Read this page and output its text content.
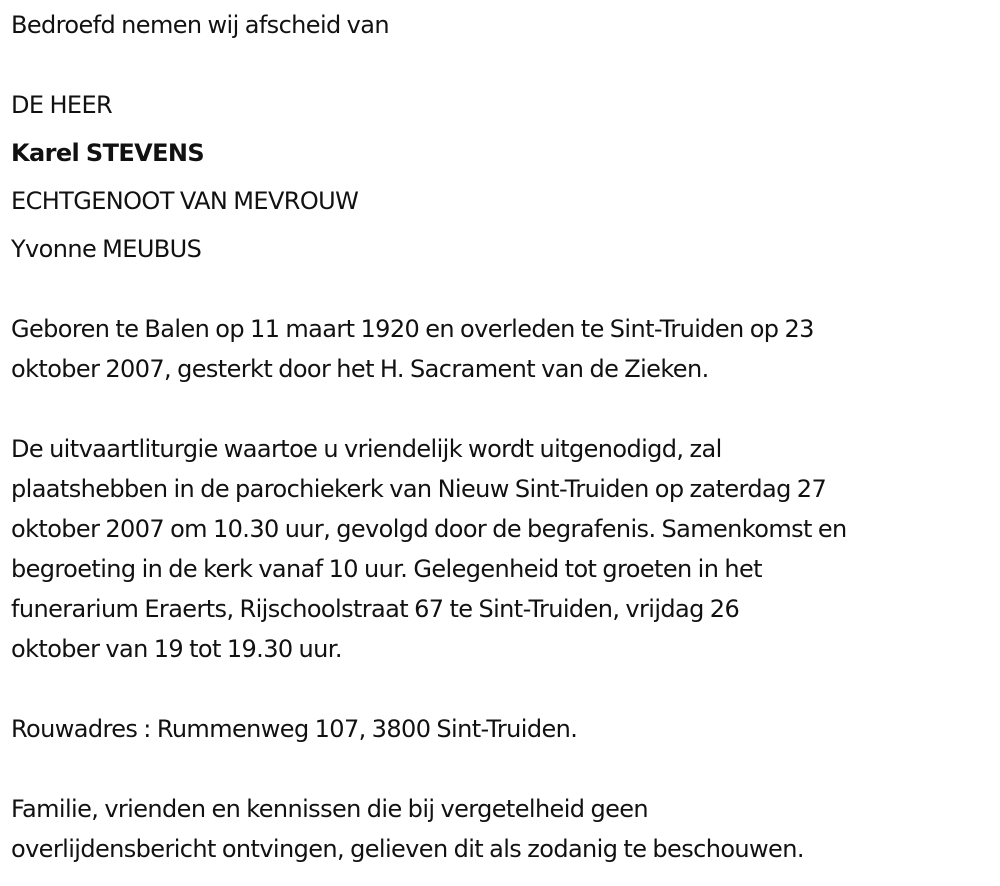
Bedroefd nemen wij afscheid van
DE HEER
Karel STEVENS
ECHTGENOOT VAN MEVROUW
Yvonne MEUBUS
Geboren te Balen op 11 maart 1920 en overleden te Sint-Truiden op 23
oktober 2007, gesterkt door het H. Sacrament van de Zieken.
De uitvaartliturgie waartoe u vriendelijk wordt uitgenodigd, zal
plaatshebben in de parochiekerk van Nieuw Sint-Truiden op zaterdag 27
oktober 2007 om 10.30 uur, gevolgd door de begrafenis. Samenkomst en
begroeting in de kerk vanaf 10 uur. Gelegenheid tot groeten in het
funerarium Eraerts, Rijschoolstraat 67 te Sint-Truiden, vrijdag 26
oktober van 19 tot 19.30 uur.
Rouwadres : Rummenweg 107, 3800 Sint-Truiden.
Familie, vrienden en kennissen die bij vergetelheid geen
overlijdensbericht ontvingen, gelieven dit als zodanig te beschouwen.
